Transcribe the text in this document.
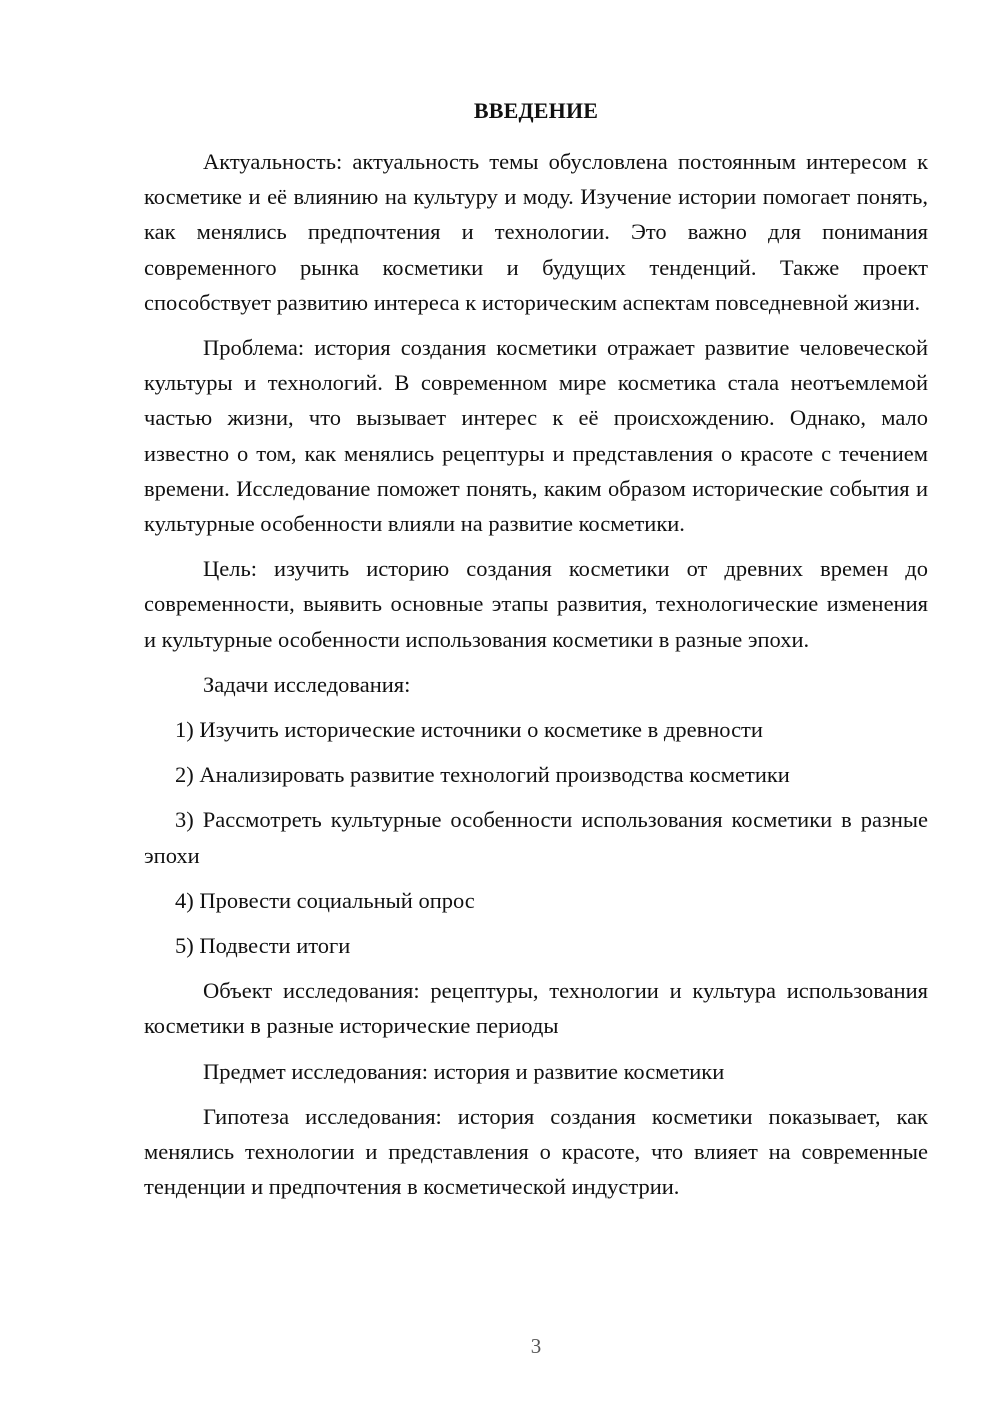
ВВЕДЕНИЕ

Актуальность: актуальность темы обусловлена постоянным интересом к косметике и её влиянию на культуру и моду. Изучение истории помогает понять, как менялись предпочтения и технологии. Это важно для понимания современного рынка косметики и будущих тенденций. Также проект способствует развитию интереса к историческим аспектам повседневной жизни.

Проблема: история создания косметики отражает развитие человеческой культуры и технологий. В современном мире косметика стала неотъемлемой частью жизни, что вызывает интерес к её происхождению. Однако, мало известно о том, как менялись рецептуры и представления о красоте с течением времени. Исследование поможет понять, каким образом исторические события и культурные особенности влияли на развитие косметики.

Цель: изучить историю создания косметики от древних времен до современности, выявить основные этапы развития, технологические изменения и культурные особенности использования косметики в разные эпохи.

Задачи исследования:

1) Изучить исторические источники о косметике в древности

2) Анализировать развитие технологий производства косметики

3) Рассмотреть культурные особенности использования косметики в разные эпохи

4) Провести социальный опрос

5) Подвести итоги

Объект исследования: рецептуры, технологии и культура использования косметики в разные исторические периоды

Предмет исследования: история и развитие косметики

Гипотеза исследования: история создания косметики показывает, как менялись технологии и представления о красоте, что влияет на современные тенденции и предпочтения в косметической индустрии.

3
